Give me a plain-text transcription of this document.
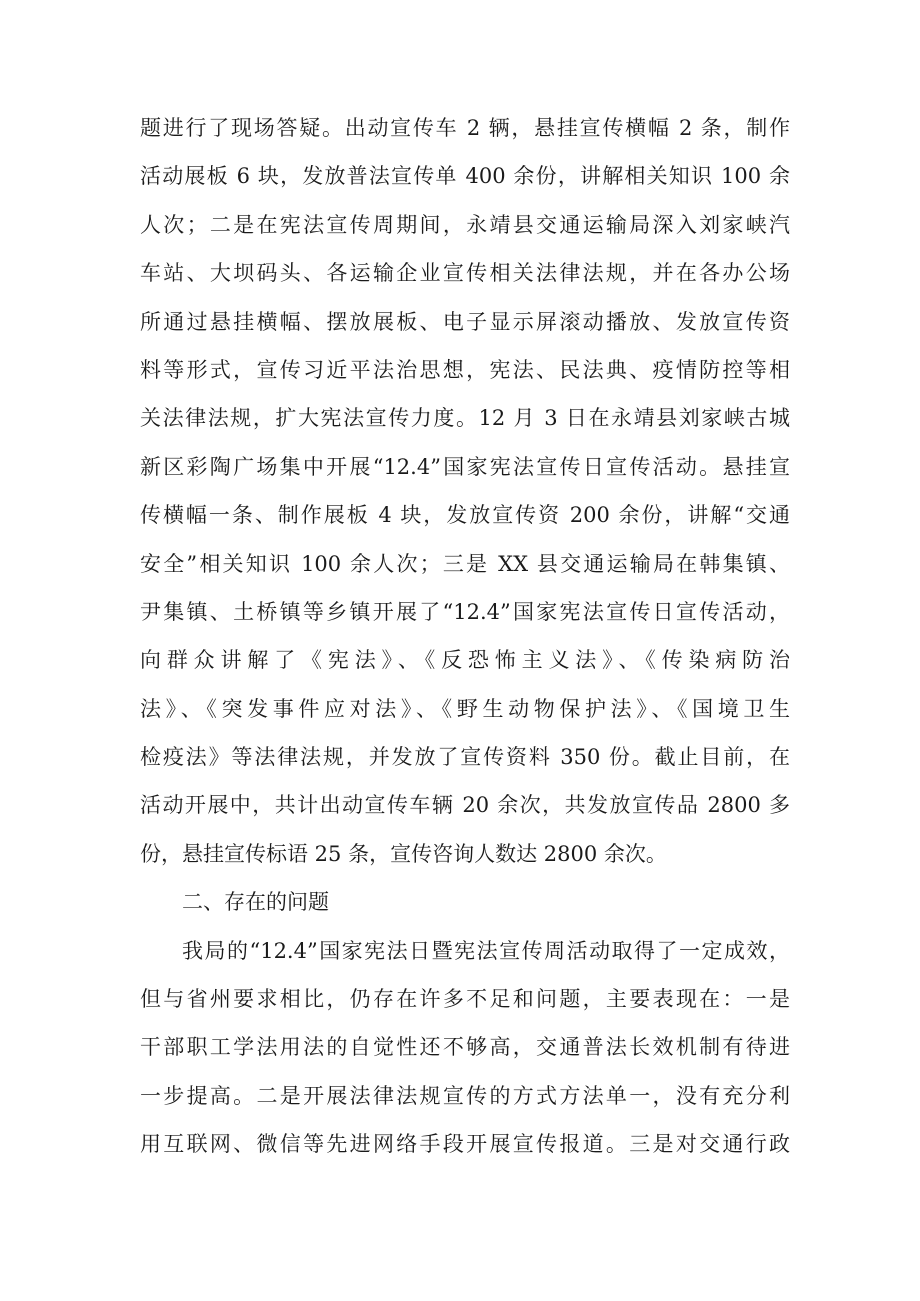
题进行了现场答疑。出动宣传车 2 辆，悬挂宣传横幅 2 条，制作
活动展板 6 块，发放普法宣传单 400 余份，讲解相关知识 100 余
人次；二是在宪法宣传周期间，永靖县交通运输局深入刘家峡汽
车站、大坝码头、各运输企业宣传相关法律法规，并在各办公场
所通过悬挂横幅、摆放展板、电子显示屏滚动播放、发放宣传资
料等形式，宣传习近平法治思想，宪法、民法典、疫情防控等相
关法律法规，扩大宪法宣传力度。12 月 3 日在永靖县刘家峡古城
新区彩陶广场集中开展“12.4”国家宪法宣传日宣传活动。悬挂宣
传横幅一条、制作展板 4 块，发放宣传资 200 余份，讲解“交通
安全”相关知识 100 余人次；三是 XX 县交通运输局在韩集镇、
尹集镇、土桥镇等乡镇开展了“12.4”国家宪法宣传日宣传活动，
向群众讲解了《宪法》、《反恐怖主义法》、《传染病防治
法》、《突发事件应对法》、《野生动物保护法》、《国境卫生
检疫法》等法律法规，并发放了宣传资料 350 份。截止目前，在
活动开展中，共计出动宣传车辆 20 余次，共发放宣传品 2800 多
份，悬挂宣传标语 25 条，宣传咨询人数达 2800 余次。
二、存在的问题
我局的“12.4”国家宪法日暨宪法宣传周活动取得了一定成效，
但与省州要求相比，仍存在许多不足和问题，主要表现在：一是
干部职工学法用法的自觉性还不够高，交通普法长效机制有待进
一步提高。二是开展法律法规宣传的方式方法单一，没有充分利
用互联网、微信等先进网络手段开展宣传报道。三是对交通行政
